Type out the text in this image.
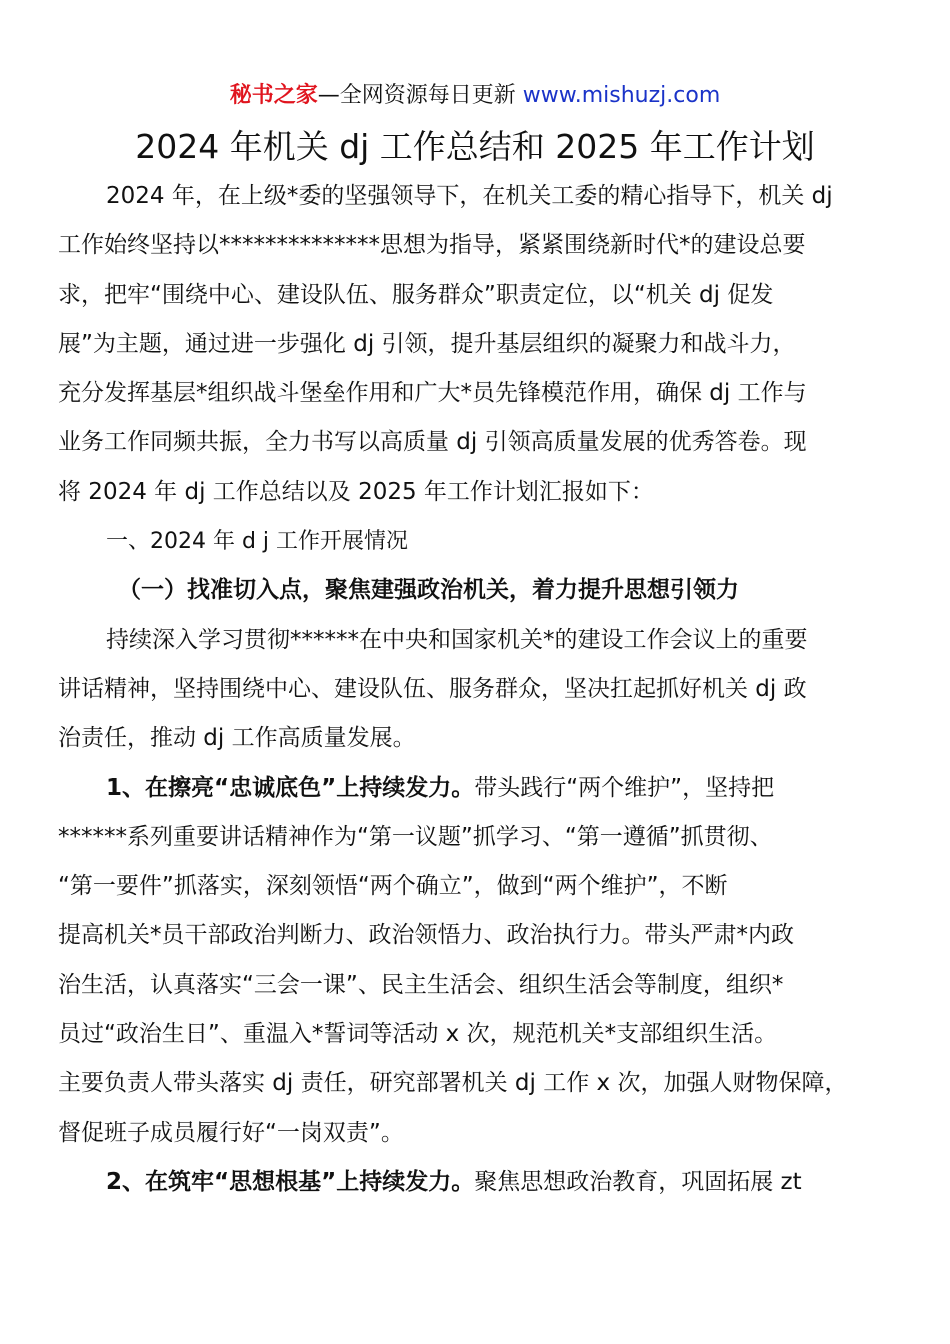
秘书之家—全网资源每日更新 www.mishuzj.com
2024 年机关 dj 工作总结和 2025 年工作计划
2024 年，在上级*委的坚强领导下，在机关工委的精心指导下，机关 dj
工作始终坚持以**************思想为指导，紧紧围绕新时代*的建设总要
求，把牢“围绕中心、建设队伍、服务群众”职责定位，以“机关 dj 促发
展”为主题，通过进一步强化 dj 引领，提升基层组织的凝聚力和战斗力，
充分发挥基层*组织战斗堡垒作用和广大*员先锋模范作用，确保 dj 工作与
业务工作同频共振，全力书写以高质量 dj 引领高质量发展的优秀答卷。现
将 2024 年 dj 工作总结以及 2025 年工作计划汇报如下：
一、2024 年 d j 工作开展情况
（一）找准切入点，聚焦建强政治机关，着力提升思想引领力
持续深入学习贯彻******在中央和国家机关*的建设工作会议上的重要
讲话精神，坚持围绕中心、建设队伍、服务群众，坚决扛起抓好机关 dj 政
治责任，推动 dj 工作高质量发展。
1、在擦亮“忠诚底色”上持续发力。带头践行“两个维护”，坚持把
******系列重要讲话精神作为“第一议题”抓学习、“第一遵循”抓贯彻、
“第一要件”抓落实，深刻领悟“两个确立”，做到“两个维护”，不断
提高机关*员干部政治判断力、政治领悟力、政治执行力。带头严肃*内政
治生活，认真落实“三会一课”、民主生活会、组织生活会等制度，组织*
员过“政治生日”、重温入*誓词等活动 x 次，规范机关*支部组织生活。
主要负责人带头落实 dj 责任，研究部署机关 dj 工作 x 次，加强人财物保障，
督促班子成员履行好“一岗双责”。
2、在筑牢“思想根基”上持续发力。聚焦思想政治教育，巩固拓展 zt
